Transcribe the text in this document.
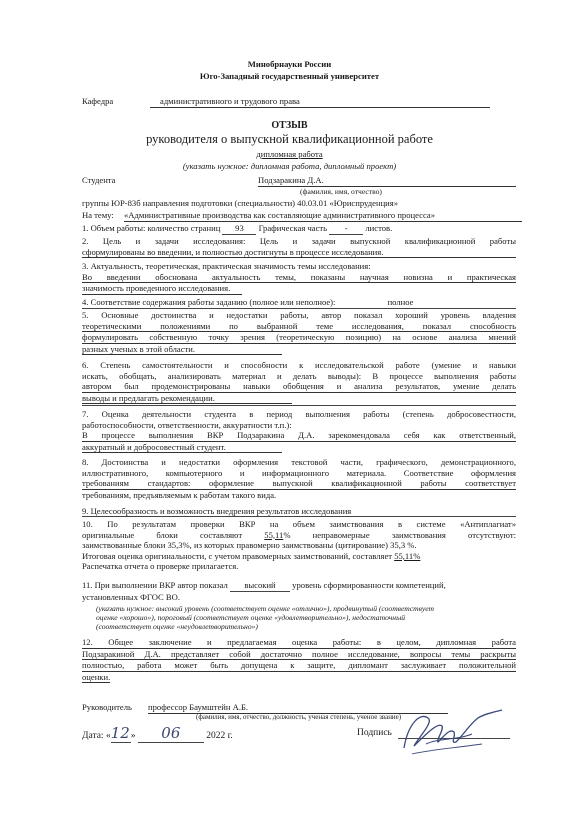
Минобрнауки России
Юго-Западный государственный университет
Кафедра	административного и трудового права
ОТЗЫВ
руководителя о выпускной квалификационной работе
дипломная работа
(указать нужное: дипломная работа, дипломный проект)
Студента	Подзаракина Д.А.
(фамилия, имя, отчество)
группы ЮР-83б направления подготовки (специальности) 40.03.01 «Юриспруденция»
На тему: «Административные производства как составляющие административного процесса»
1. Объем работы: количество страниц 93 Графическая часть - листов.
2. Цель и задачи исследования: Цель и задачи выпускной квалификационной работы
сформулированы во введении, и полностью достигнуты в процессе исследования.
3. Актуальность, теоретическая, практическая значимость темы исследования:
Во введении обоснована актуальность темы, показаны научная новизна и практическая
значимость проведенного исследования.
4. Соответствие содержания работы заданию (полное или неполное):	полное
5. Основные достоинства и недостатки работы, автор показал хороший уровень владения
теоретическими положениями по выбранной теме исследования, показал способность
формулировать собственную точку зрения (теоретическую позицию) на основе анализа мнений
разных ученых в этой области.
6. Степень самостоятельности и способности к исследовательской работе (умение и навыки
искать, обобщать, анализировать материал и делать выводы): В процессе выполнения работы
автором был продемонстрированы навыки обобщения и анализа результатов, умение делать
выводы и предлагать рекомендации.
7. Оценка деятельности студента в период выполнения работы (степень добросовестности,
работоспособности, ответственности, аккуратности т.п.):
В процессе выполнения ВКР Подзаракина Д.А. зарекомендовала себя как ответственный,
аккуратный и добросовестный студент.
8. Достоинства и недостатки оформления текстовой части, графического, демонстрационного,
иллюстративного, компьютерного и информационного материала. Соответствие оформления
требованиям стандартов: оформление выпускной квалификационной работы соответствует
требованиям, предъявляемым к работам такого вида.
9. Целесообразность и возможность внедрения результатов исследования
10. По результатам проверки ВКР на объем заимствования в системе «Антиплагиат»
оригинальные блоки составляют	55,11% неправомерные заимствования отсутствуют:
заимствованные блоки 35,3%, из которых правомерно заимствованы (цитирование) 35,3 %.
Итоговая оценка оригинальности, с учетом правомерных заимствований, составляет 55,11%
Распечатка отчета о проверке прилагается.
11. При выполнении ВКР автор показал высокий уровень сформированности компетенций,
установленных ФГОС ВО.
(указать нужное: высокий уровень (соответствует оценке «отлично»), продвинутый (соответствует
оценке «хорошо»), пороговый (соответствует оценке «удовлетворительно»), недостаточный
(соответствует оценке «неудовлетворительно»)
12. Общее заключение и предлагаемая оценка работы: в целом, дипломная работа
Подзаракиной Д.А. представляет собой достаточно полное исследование, вопросы темы раскрыты
полностью, работа может быть допущена к защите, дипломант заслуживает положительной
оценки.
Руководитель профессор Баумштейн А.Б.
(фамилия, имя, отчество, должность, ученая степень, ученое звание)
Дата: «12» 06	2022 г.	Подпись
